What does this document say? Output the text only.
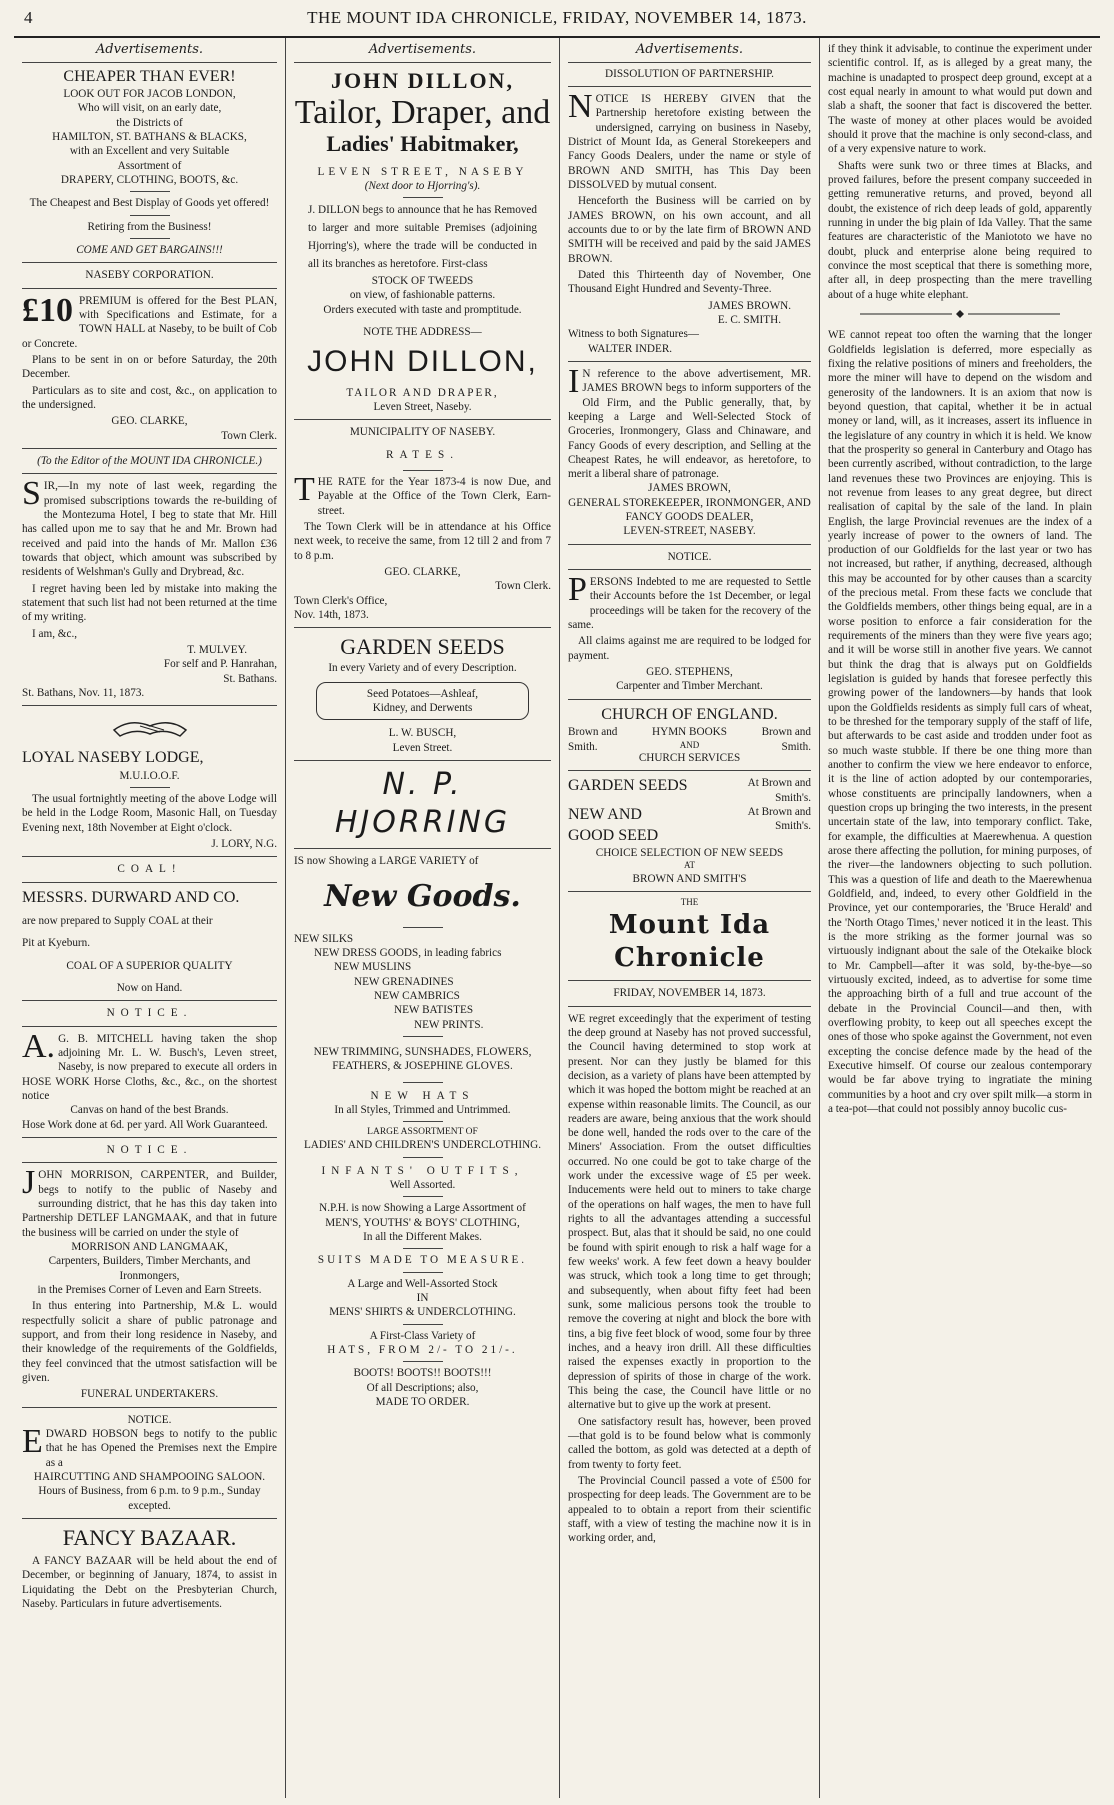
4	THE MOUNT IDA CHRONICLE, FRIDAY, NOVEMBER 14, 1873.
Advertisements.
CHEAPER THAN EVER!
LOOK OUT FOR JACOB LONDON,
Who will visit, on an early date,
the Districts of
HAMILTON, ST. BATHANS & BLACKS,
with an Excellent and very Suitable
Assortment of
DRAPERY, CLOTHING, BOOTS, &c.
The Cheapest and Best Display of Goods yet offered!
Retiring from the Business!
COME AND GET BARGAINS!!!
NASEBY CORPORATION.
£10 PREMIUM is offered for the Best PLAN, with Specifications and Estimate, for a TOWN HALL at Naseby, to be built of Cob or Concrete.
Plans to be sent in on or before Saturday, the 20th December.
Particulars as to site and cost, &c., on application to the undersigned.
GEO. CLARKE,
Town Clerk.
(To the Editor of the MOUNT IDA CHRONICLE.)
SIR,—In my note of last week, regarding the promised subscriptions towards the re-building of the Montezuma Hotel, I beg to state that Mr. Hill has called upon me to say that he and Mr. Brown had received and paid into the hands of Mr. Mallon £36 towards that object, which amount was subscribed by residents of Welshman's Gully and Drybread, &c.
I regret having been led by mistake into making the statement that such list had not been returned at the time of my writing.
I am, &c.,
T. MULVEY.
For self and P. Hanrahan,
St. Bathans.
St. Bathans, Nov. 11, 1873.
LOYAL NASEBY LODGE,
M.U.I.O.O.F.
The usual fortnightly meeting of the above Lodge will be held in the Lodge Room, Masonic Hall, on Tuesday Evening next, 18th November at Eight o'clock.
J. LORY, N.G.
COAL!
MESSRS. DURWARD AND CO.
are now prepared to Supply COAL at their
Pit at Kyeburn.
COAL OF A SUPERIOR QUALITY
Now on Hand.
NOTICE.
A.G. B. MITCHELL having taken the shop adjoining Mr. L. W. Busch's, Leven street, Naseby, is now prepared to execute all orders in HOSE WORK Horse Cloths, &c., &c., on the shortest notice
Canvas on hand of the best Brands.
Hose Work done at 6d. per yard. All Work Guaranteed.
NOTICE.
JOHN MORRISON, CARPENTER, and Builder, begs to notify to the public of Naseby and surrounding district, that he has this day taken into Partnership DETLEF LANGMAAK, and that in future the business will be carried on under the style of
MORRISON AND LANGMAAK,
Carpenters, Builders, Timber Merchants, and Ironmongers,
in the Premises Corner of Leven and Earn Streets.
In thus entering into Partnership, M.& L. would respectfully solicit a share of public patronage and support, and from their long residence in Naseby, and their knowledge of the requirements of the Goldfields, they feel convinced that the utmost satisfaction will be given.
FUNERAL UNDERTAKERS.
NOTICE.
EDWARD HOBSON begs to notify to the public that he has Opened the Premises next the Empire as a
HAIRCUTTING AND SHAMPOOING SALOON.
Hours of Business, from 6 p.m. to 9 p.m., Sunday excepted.
FANCY BAZAAR.
A FANCY BAZAAR will be held about the end of December, or beginning of January, 1874, to assist in Liquidating the Debt on the Presbyterian Church, Naseby. Particulars in future advertisements.
Advertisements.
JOHN DILLON,
Tailor, Draper, and
Ladies' Habitmaker,
LEVEN STREET, NASEBY
(Next door to Hjorring's).
J. DILLON begs to announce that he has Removed to larger and more suitable Premises (adjoining Hjorring's), where the trade will be conducted in all its branches as heretofore. First-class
STOCK OF TWEEDS
on view, of fashionable patterns.
Orders executed with taste and promptitude.
NOTE THE ADDRESS—
JOHN DILLON,
TAILOR AND DRAPER,
Leven Street, Naseby.
MUNICIPALITY OF NASEBY.
RATES.
THE RATE for the Year 1873-4 is now Due, and Payable at the Office of the Town Clerk, Earn-street.
The Town Clerk will be in attendance at his Office next week, to receive the same, from 12 till 2 and from 7 to 8 p.m.
GEO. CLARKE,
Town Clerk.
Town Clerk's Office,
Nov. 14th, 1873.
GARDEN SEEDS
In every Variety and of every Description.
Seed Potatoes—Ashleaf,
Kidney, and Derwents
L. W. BUSCH,
Leven Street.
N. P. HJORRING
IS now Showing a LARGE VARIETY of
New Goods.
NEW SILKS
NEW DRESS GOODS, in leading fabrics
NEW MUSLINS
NEW GRENADINES
NEW CAMBRICS
NEW BATISTES
NEW PRINTS.
NEW TRIMMING, SUNSHADES, FLOWERS, FEATHERS, & JOSEPHINE GLOVES.
NEW HATS
In all Styles, Trimmed and Untrimmed.
LARGE ASSORTMENT OF
LADIES' AND CHILDREN'S UNDERCLOTHING.
INFANTS' OUTFITS,
Well Assorted.
N.P.H. is now Showing a Large Assortment of
MEN'S, YOUTHS' & BOYS' CLOTHING,
In all the Different Makes.
SUITS MADE TO MEASURE.
A Large and Well-Assorted Stock
IN
MENS' SHIRTS & UNDERCLOTHING.
A First-Class Variety of
HATS, FROM 2/- TO 21/-.
BOOTS! BOOTS!! BOOTS!!!
Of all Descriptions; also,
MADE TO ORDER.
Advertisements.
DISSOLUTION OF PARTNERSHIP.
NOTICE IS HEREBY GIVEN that the Partnership heretofore existing between the undersigned, carrying on business in Naseby, District of Mount Ida, as General Storekeepers and Fancy Goods Dealers, under the name or style of BROWN AND SMITH, has This Day been DISSOLVED by mutual consent.
Henceforth the Business will be carried on by JAMES BROWN, on his own account, and all accounts due to or by the late firm of BROWN AND SMITH will be received and paid by the said JAMES BROWN.
Dated this Thirteenth day of November, One Thousand Eight Hundred and Seventy-Three.
JAMES BROWN.
E. C. SMITH.
Witness to both Signatures—
WALTER INDER.
IN reference to the above advertisement, MR. JAMES BROWN begs to inform supporters of the Old Firm, and the Public generally, that, by keeping a Large and Well-Selected Stock of Groceries, Ironmongery, Glass and Chinaware, and Fancy Goods of every description, and Selling at the Cheapest Rates, he will endeavor, as heretofore, to merit a liberal share of patronage.
JAMES BROWN,
GENERAL STOREKEEPER, IRONMONGER, AND FANCY GOODS DEALER,
LEVEN-STREET, NASEBY.
NOTICE.
PERSONS Indebted to me are requested to Settle their Accounts before the 1st December, or legal proceedings will be taken for the recovery of the same.
All claims against me are required to be lodged for payment.
GEO. STEPHENS,
Carpenter and Timber Merchant.
CHURCH OF ENGLAND.
Brown and Smith.
HYMN BOOKS
AND
CHURCH SERVICES
Brown and Smith.
GARDEN SEEDS	At Brown and Smith's.
NEW AND GOOD SEED
At Brown and Smith's.
CHOICE SELECTION OF NEW SEEDS
AT
BROWN AND SMITH'S
THE
Mount Ida Chronicle
FRIDAY, NOVEMBER 14, 1873.
WE regret exceedingly that the experiment of testing the deep ground at Naseby has not proved successful, the Council having determined to stop work at present. Nor can they justly be blamed for this decision, as a variety of plans have been attempted by which it was hoped the bottom might be reached at an expense within reasonable limits. The Council, as our readers are aware, being anxious that the work should be done well, handed the rods over to the care of the Miners' Association. From the outset difficulties occurred. No one could be got to take charge of the work under the excessive wage of £5 per week. Inducements were held out to miners to take charge of the operations on half wages, the men to have full rights to all the advantages attending a successful prospect. But, alas that it should be said, no one could be found with spirit enough to risk a half wage for a few weeks' work. A few feet down a heavy boulder was struck, which took a long time to get through; and subsequently, when about fifty feet had been sunk, some malicious persons took the trouble to remove the covering at night and block the bore with tins, a big five feet block of wood, some four by three inches, and a heavy iron drill. All these difficulties raised the expenses exactly in proportion to the depression of spirits of those in charge of the work. This being the case, the Council have little or no alternative but to give up the work at present.
One satisfactory result has, however, been proved—that gold is to be found below what is commonly called the bottom, as gold was detected at a depth of from twenty to forty feet.
The Provincial Council passed a vote of £500 for prospecting for deep leads. The Government are to be appealed to to obtain a report from their scientific staff, with a view of testing the machine now it is in working order, and,
if they think it advisable, to continue the experiment under scientific control. If, as is alleged by a great many, the machine is unadapted to prospect deep ground, except at a cost equal nearly in amount to what would put down and slab a shaft, the sooner that fact is discovered the better. The waste of money at other places would be avoided should it prove that the machine is only second-class, and of a very expensive nature to work.
Shafts were sunk two or three times at Blacks, and proved failures, before the present company succeeded in getting remunerative returns, and proved, beyond all doubt, the existence of rich deep leads of gold, apparently running in under the big plain of Ida Valley. That the same features are characteristic of the Maniototo we have no doubt, pluck and enterprise alone being required to convince the most sceptical that there is something more, after all, in deep prospecting than the mere travelling about of a huge white elephant.
WE cannot repeat too often the warning that the longer Goldfields legislation is deferred, more especially as fixing the relative positions of miners and freeholders, the more the miner will have to depend on the wisdom and generosity of the landowners. It is an axiom that now is beyond question, that capital, whether it be in actual money or land, will, as it increases, assert its influence in the legislature of any country in which it is held. We know that the prosperity so general in Canterbury and Otago has been currently ascribed, without contradiction, to the large land revenues these two Provinces are enjoying. This is not revenue from leases to any great degree, but direct realisation of capital by the sale of the land. In plain English, the large Provincial revenues are the index of a yearly increase of power to the owners of land. The production of our Goldfields for the last year or two has not increased, but rather, if anything, decreased, although this may be accounted for by other causes than a scarcity of the precious metal. From these facts we conclude that the Goldfields members, other things being equal, are in a worse position to enforce a fair consideration for the requirements of the miners than they were five years ago; and it will be worse still in another five years. We cannot but think the drag that is always put on Goldfields legislation is guided by hands that foresee perfectly this growing power of the landowners—by hands that look upon the Goldfields residents as simply full cars of wheat, to be threshed for the temporary supply of the staff of life, but afterwards to be cast aside and trodden under foot as so much waste stubble. If there be one thing more than another to confirm the view we here endeavor to enforce, it is the line of action adopted by our contemporaries, whose constituents are principally landowners, when a question crops up bringing the two interests, in the present uncertain state of the law, into temporary conflict. Take, for example, the difficulties at Maerewhenua. A question arose there affecting the pollution, for mining purposes, of the river—the landowners objecting to such pollution. This was a question of life and death to the Maerewhenua Goldfield, and, indeed, to every other Goldfield in the Province, yet our contemporaries, the 'Bruce Herald' and the 'North Otago Times,' never noticed it in the least. This is the more striking as the former journal was so virtuously indignant about the sale of the Otekaike block to Mr. Campbell—after it was sold, by-the-bye—so virtuously excited, indeed, as to advertise for some time the approaching birth of a full and true account of the debate in the Provincial Council—and then, with overflowing probity, to keep out all speeches except the ones of those who spoke against the Government, not even excepting the concise defence made by the head of the Executive himself. Of course our zealous contemporary would be far above trying to ingratiate the mining communities by a hoot and cry over spilt milk—a storm in a tea-pot—that could not possibly annoy bucolic cus-
